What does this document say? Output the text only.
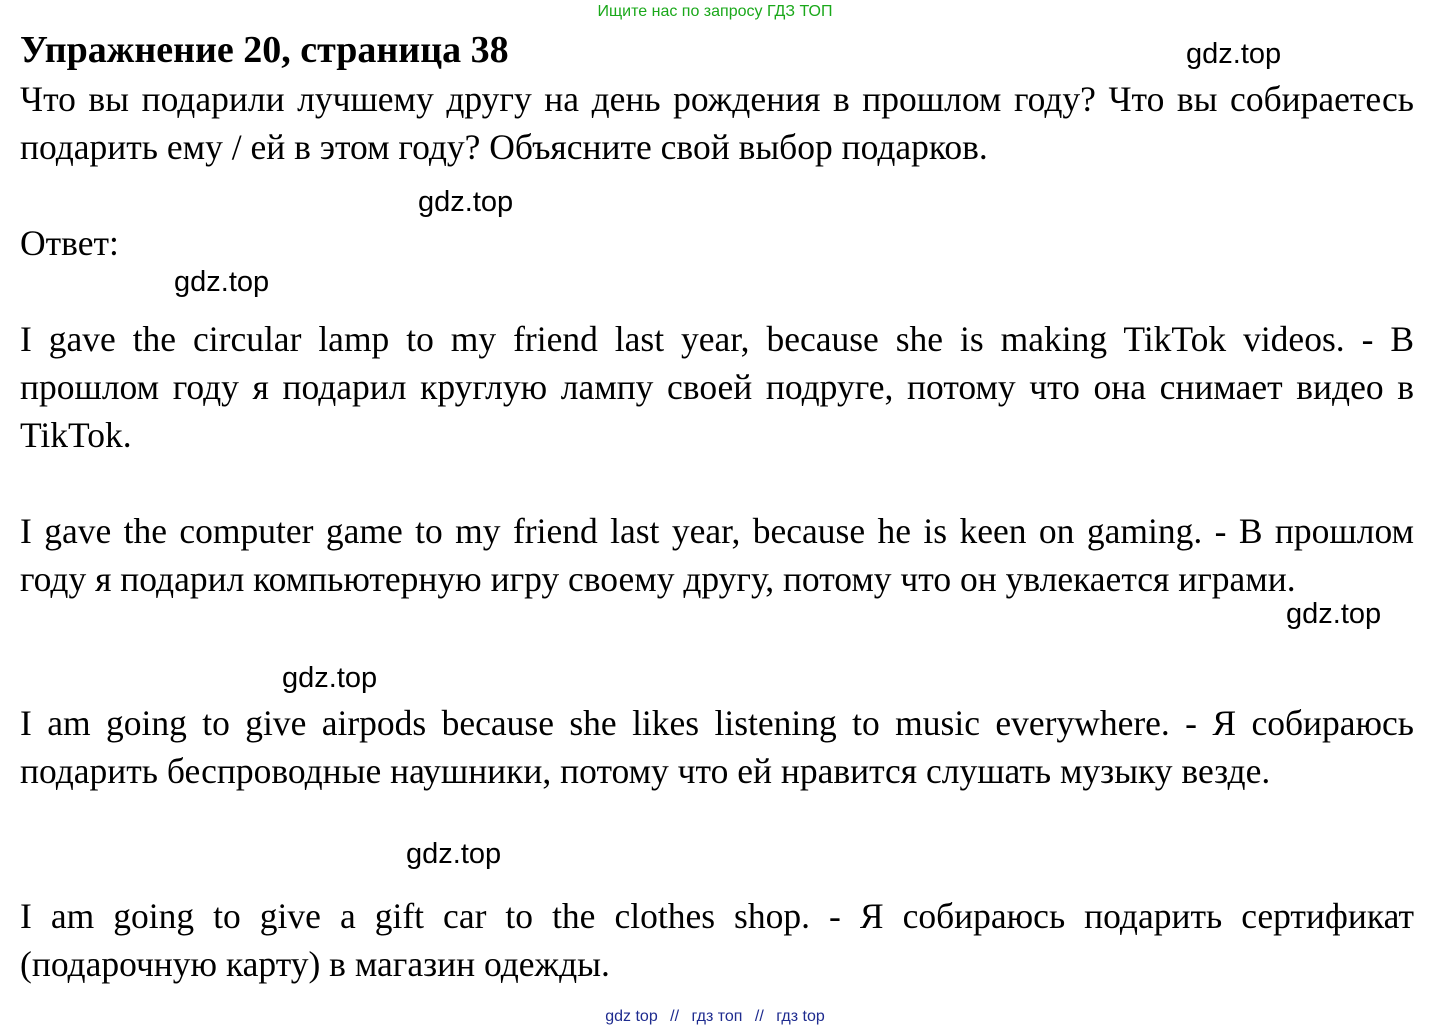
Ищите нас по запросу ГДЗ ТОП
Упражнение 20, страница 38	gdz.top

Что вы подарили лучшему другу на день рождения в прошлом году? Что вы собираетесь подарить ему / ей в этом году? Объясните свой выбор подарков.

gdz.top

Ответ:

gdz.top

I gave the circular lamp to my friend last year, because she is making TikTok videos. - В прошлом году я подарил круглую лампу своей подруге, потому что она снимает видео в TikTok.

I gave the computer game to my friend last year, because he is keen on gaming. - В прошлом году я подарил компьютерную игру своему другу, потому что он увлекается играми.

gdz.top
gdz.top

I am going to give airpods because she likes listening to music everywhere. - Я собираюсь подарить беспроводные наушники, потому что ей нравится слушать музыку везде.

gdz.top

I am going to give a gift car to the clothes shop. - Я собираюсь подарить сертификат (подарочную карту) в магазин одежды.

gdz top // гдз топ // гдз top
